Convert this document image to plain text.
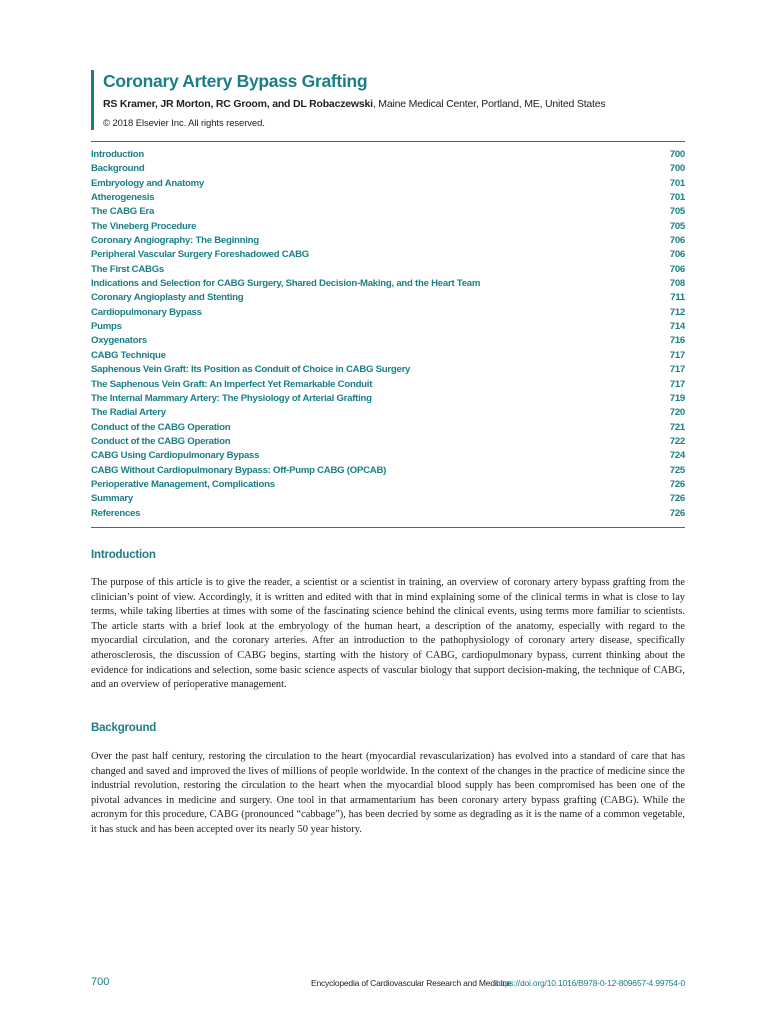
Coronary Artery Bypass Grafting
RS Kramer, JR Morton, RC Groom, and DL Robaczewski, Maine Medical Center, Portland, ME, United States
© 2018 Elsevier Inc. All rights reserved.
Introduction	700
Background	700
Embryology and Anatomy	701
Atherogenesis	701
The CABG Era	705
The Vineberg Procedure	705
Coronary Angiography: The Beginning	706
Peripheral Vascular Surgery Foreshadowed CABG	706
The First CABGs	706
Indications and Selection for CABG Surgery, Shared Decision-Making, and the Heart Team	708
Coronary Angioplasty and Stenting	711
Cardiopulmonary Bypass	712
Pumps	714
Oxygenators	716
CABG Technique	717
Saphenous Vein Graft: Its Position as Conduit of Choice in CABG Surgery	717
The Saphenous Vein Graft: An Imperfect Yet Remarkable Conduit	717
The Internal Mammary Artery: The Physiology of Arterial Grafting	719
The Radial Artery	720
Conduct of the CABG Operation	721
Conduct of the CABG Operation	722
CABG Using Cardiopulmonary Bypass	724
CABG Without Cardiopulmonary Bypass: Off-Pump CABG (OPCAB)	725
Perioperative Management, Complications	726
Summary	726
References	726
Introduction

The purpose of this article is to give the reader, a scientist or a scientist in training, an overview of coronary artery bypass grafting from the clinician’s point of view. Accordingly, it is written and edited with that in mind explaining some of the clinical terms in what is close to lay terms, while taking liberties at times with some of the fascinating science behind the clinical events, using terms more familiar to scientists. The article starts with a brief look at the embryology of the human heart, a description of the anatomy, especially with regard to the myocardial circulation, and the coronary arteries. After an introduction to the pathophysiology of coronary artery disease, specifically atherosclerosis, the discussion of CABG begins, starting with the history of CABG, cardiopulmonary bypass, current thinking about the evidence for indications and selection, some basic science aspects of vascular biology that support decision-making, the technique of CABG, and an overview of perioperative management.

Background

Over the past half century, restoring the circulation to the heart (myocardial revascularization) has evolved into a standard of care that has changed and saved and improved the lives of millions of people worldwide. In the context of the changes in the practice of medicine since the industrial revolution, restoring the circulation to the heart when the myocardial blood supply has been compromised has been one of the pivotal advances in medicine and surgery. One tool in that armamentarium has been coronary artery bypass grafting (CABG). While the acronym for this procedure, CABG (pronounced “cabbage”), has been decried by some as degrading as it is the name of a common vegetable, it has stuck and has been accepted over its nearly 50 year history.

700	Encyclopedia of Cardiovascular Research and Medicine
https://doi.org/10.1016/B978-0-12-809657-4.99754-0
